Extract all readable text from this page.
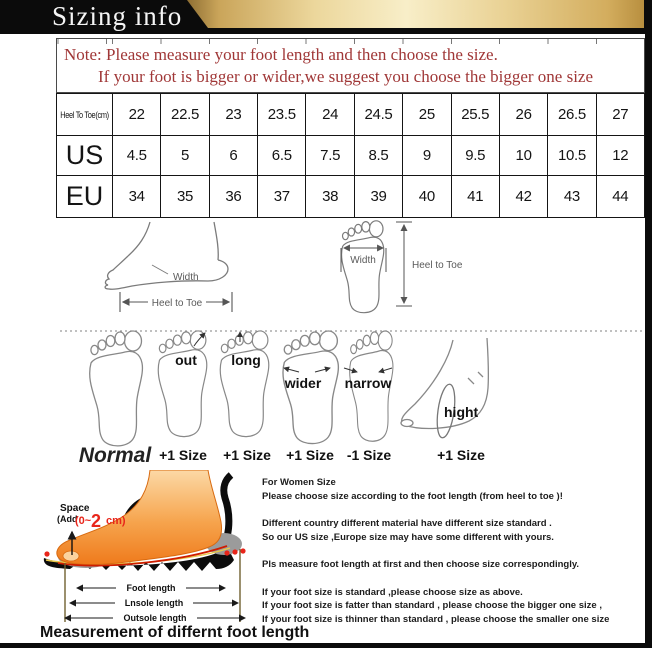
Sizing info
Note: Please measure your foot length and then choose the size.
If your foot is bigger or wider,we suggest you choose the bigger one size
Heel To Toe(cm)	22	22.5	23	23.5	24	24.5	25	25.5	26	26.5	27
US	4.5	5	6	6.5	7.5	8.5	9	9.5	10	10.5	12
EU	34	35	36	37	38	39	40	41	42	43	44
Width
Heel to Toe
Width	Heel to Toe
out long
wider narrow
hight
Normal +1 Size +1 Size +1 Size -1 Size	+1 Size
Space
(Add
(0~ 2 cm)
Foot length
Lnsole length
Outsole length
Measurement of differnt foot length
For Women Size
Please choose size according to the foot length (from heel to toe )!
Different country different material have different size standard .
So our US size ,Europe size may have some different with yours.
Pls measure foot length at first and then choose size correspondingly.
If your foot size is standard ,please choose size as above.
If your foot size is fatter than standard , please choose the bigger one size ,
If your foot size is thinner than standard , please choose the smaller one size
